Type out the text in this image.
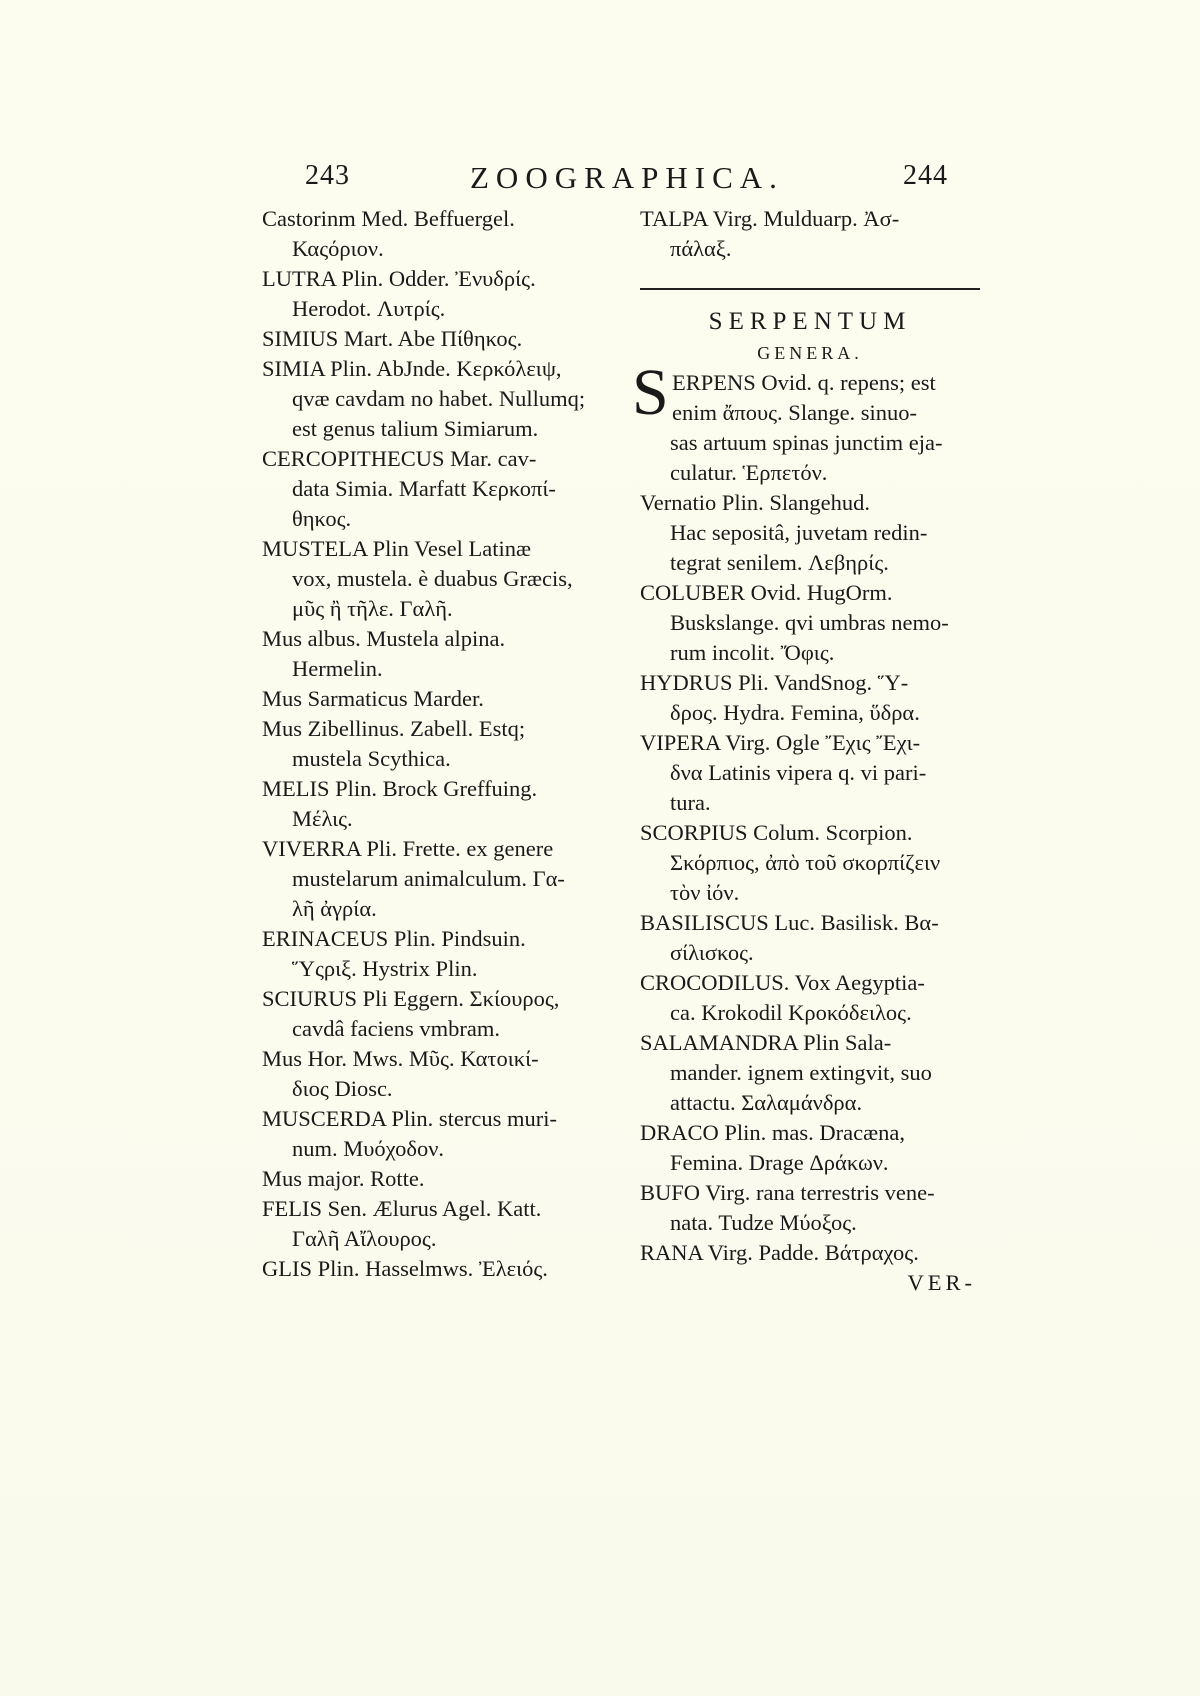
243	ZOOGRAPHICA.	244
Castorinm Med. Beffuergel.
Καςόριον.
LUTRA Plin. Odder. Ἐνυδρίς.
Herodot. Λυτρίς.
SIMIUS Mart. Abe Πίθηκος.
SIMIA Plin. AbJnde. Κερκόλειψ,
qvæ cavdam no habet. Nullumq;
est genus talium Simiarum.
CERCOPITHECUS Mar. cav-
data Simia. Marfatt Κερκοπί-
θηκος.
MUSTELA Plin Vesel Latinæ
vox, mustela. è duabus Græcis,
μῦς ἢ τῆλε. Γαλῆ.
Mus albus. Mustela alpina.
Hermelin.
Mus Sarmaticus Marder.
Mus Zibellinus. Zabell. Estq;
mustela Scythica.
MELIS Plin. Brock Greffuing.
Μέλις.
VIVERRA Pli. Frette. ex genere
mustelarum animalculum. Γα-
λῆ ἀγρία.
ERINACEUS Plin. Pindsuin.
Ὕςριξ. Hystrix Plin.
SCIURUS Pli Eggern. Σκίουρος,
cavdâ faciens vmbram.
Mus Hor. Mws. Μῦς. Κατοικί-
διος Diosc.
MUSCERDA Plin. stercus muri-
num. Μυόχοδον.
Mus major. Rotte.
FELIS Sen. Ælurus Agel. Katt.
Γαλῆ Αἴλουρος.
GLIS Plin. Hasselmws. Ἐλειός.
TALPA Virg. Mulduarp. Ἀσ-
πάλαξ.
SERPENTUM
GENERA.
S ERPENS Ovid. q. repens; est
enim ἄπους. Slange. sinuo-
sas artuum spinas junctim eja-
culatur. Ἑρπετόν.
Vernatio Plin. Slangehud.
Hac sepositâ, juvetam redin-
tegrat senilem. Λεβηρίς.
COLUBER Ovid. HugOrm.
Buskslange. qvi umbras nemo-
rum incolit. Ὄφις.
HYDRUS Pli. VandSnog. Ὕ-
δρος. Hydra. Femina, ὕδρα.
VIPERA Virg. Ogle Ἔχις Ἔχι-
δνα Latinis vipera q. vi pari-
tura.
SCORPIUS Colum. Scorpion.
Σκόρπιος, ἀπὸ τοῦ σκορπίζειν
τὸν ἰόν.
BASILISCUS Luc. Basilisk. Βα-
σίλισκος.
CROCODILUS. Vox Aegyptia-
ca. Krokodil Κροκόδειλος.
SALAMANDRA Plin Sala-
mander. ignem extingvit, suo
attactu. Σαλαμάνδρα.
DRACO Plin. mas. Dracæna,
Femina. Drage Δράκων.
BUFO Virg. rana terrestris vene-
nata. Tudze Μύοξος.
RANA Virg. Padde. Βάτραχος.
VER-
